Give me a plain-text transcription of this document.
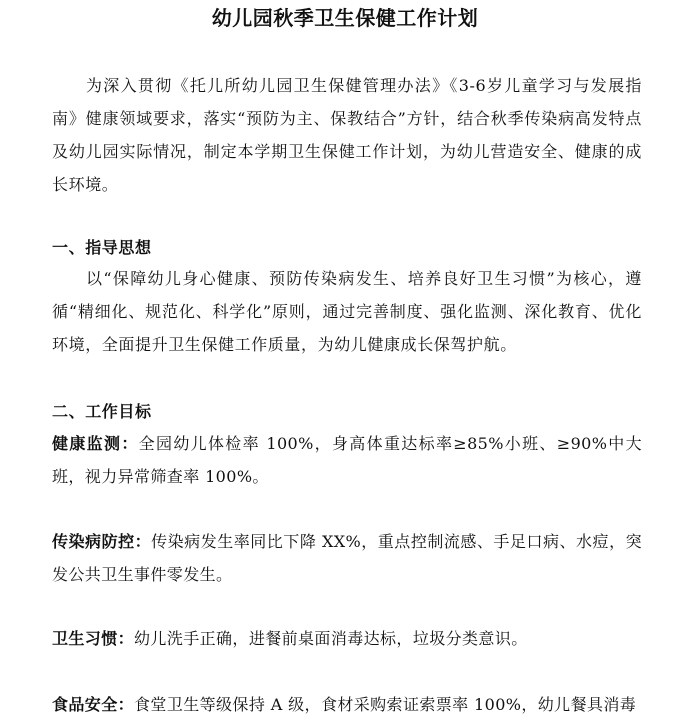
幼儿园秋季卫生保健工作计划
为深入贯彻《托儿所幼儿园卫生保健管理办法》《3-6岁儿童学习与发展指南》健康领域要求，落实“预防为主、保教结合”方针，结合秋季传染病高发特点及幼儿园实际情况，制定本学期卫生保健工作计划，为幼儿营造安全、健康的成长环境。
一、指导思想
以“保障幼儿身心健康、预防传染病发生、培养良好卫生习惯”为核心，遵循“精细化、规范化、科学化”原则，通过完善制度、强化监测、深化教育、优化环境，全面提升卫生保健工作质量，为幼儿健康成长保驾护航。
二、工作目标
健康监测：全园幼儿体检率 100%，身高体重达标率≥85%小班、≥90%中大班，视力异常筛查率 100%。
传染病防控：传染病发生率同比下降 XX%，重点控制流感、手足口病、水痘，突发公共卫生事件零发生。
卫生习惯：幼儿洗手正确，进餐前桌面消毒达标，垃圾分类意识。
食品安全：食堂卫生等级保持 A 级，食材采购索证索票率 100%，幼儿餐具消毒
